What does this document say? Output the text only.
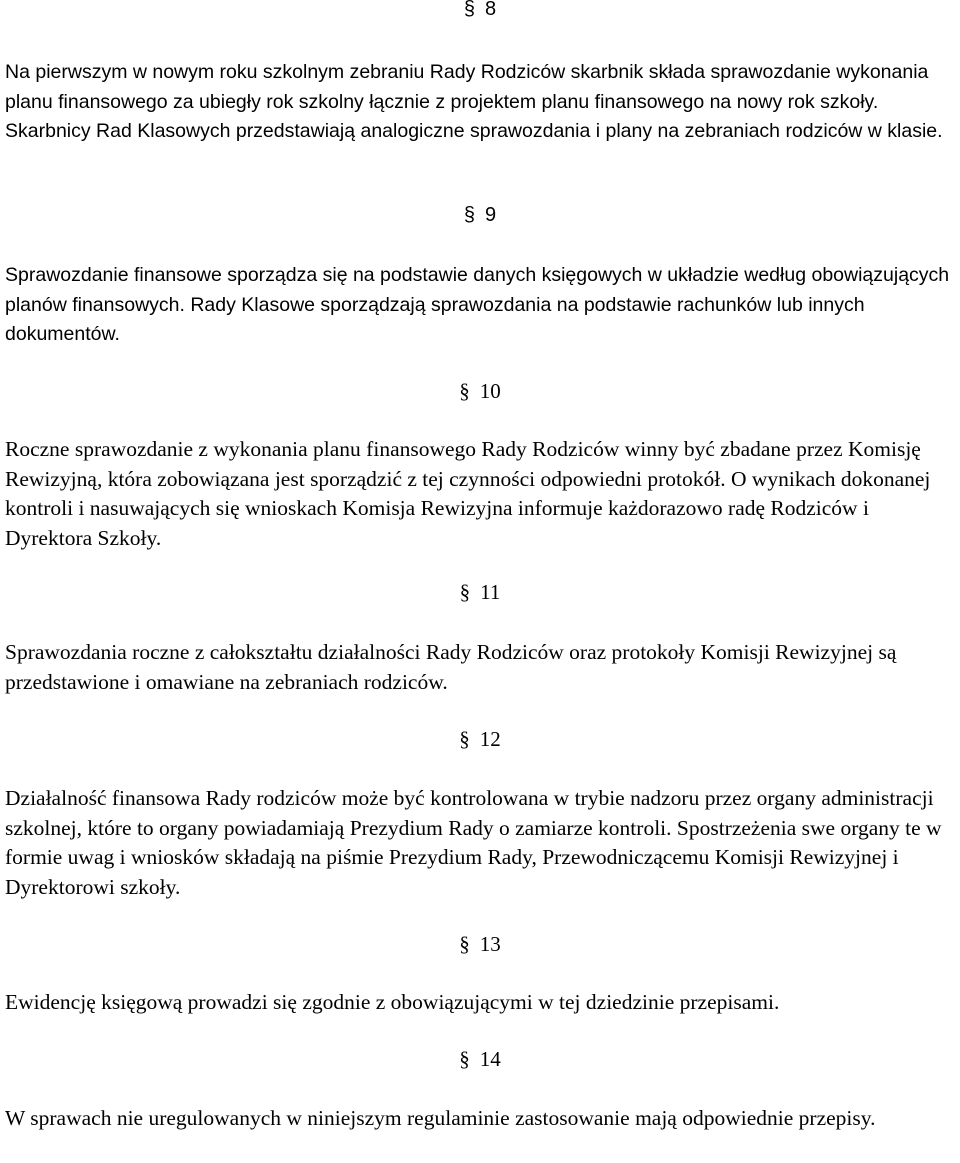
§ 8

Na pierwszym w nowym roku szkolnym zebraniu Rady Rodziców skarbnik składa sprawozdanie wykonania planu finansowego za ubiegły rok szkolny łącznie z projektem planu finansowego na nowy rok szkoły. Skarbnicy Rad Klasowych przedstawiają analogiczne sprawozdania i plany na zebraniach rodziców w klasie.

§ 9

Sprawozdanie finansowe sporządza się na podstawie danych księgowych w układzie według obowiązujących planów finansowych. Rady Klasowe sporządzają sprawozdania na podstawie rachunków lub innych dokumentów.

§ 10

Roczne sprawozdanie z wykonania planu finansowego Rady Rodziców winny być zbadane przez Komisję Rewizyjną, która zobowiązana jest sporządzić z tej czynności odpowiedni protokół. O wynikach dokonanej kontroli i nasuwających się wnioskach Komisja Rewizyjna informuje każdorazowo radę Rodziców i Dyrektora Szkoły.

§ 11

Sprawozdania roczne z całokształtu działalności Rady Rodziców oraz protokoły Komisji Rewizyjnej są przedstawione i omawiane na zebraniach rodziców.

§ 12

Działalność finansowa Rady rodziców może być kontrolowana w trybie nadzoru przez organy administracji szkolnej, które to organy powiadamiają Prezydium Rady o zamiarze kontroli. Spostrzeżenia swe organy te w formie uwag i wniosków składają na piśmie Prezydium Rady, Przewodniczącemu Komisji Rewizyjnej i Dyrektorowi szkoły.

§ 13

Ewidencję księgową prowadzi się zgodnie z obowiązującymi w tej dziedzinie przepisami.

§ 14

W sprawach nie uregulowanych w niniejszym regulaminie zastosowanie mają odpowiednie przepisy.
